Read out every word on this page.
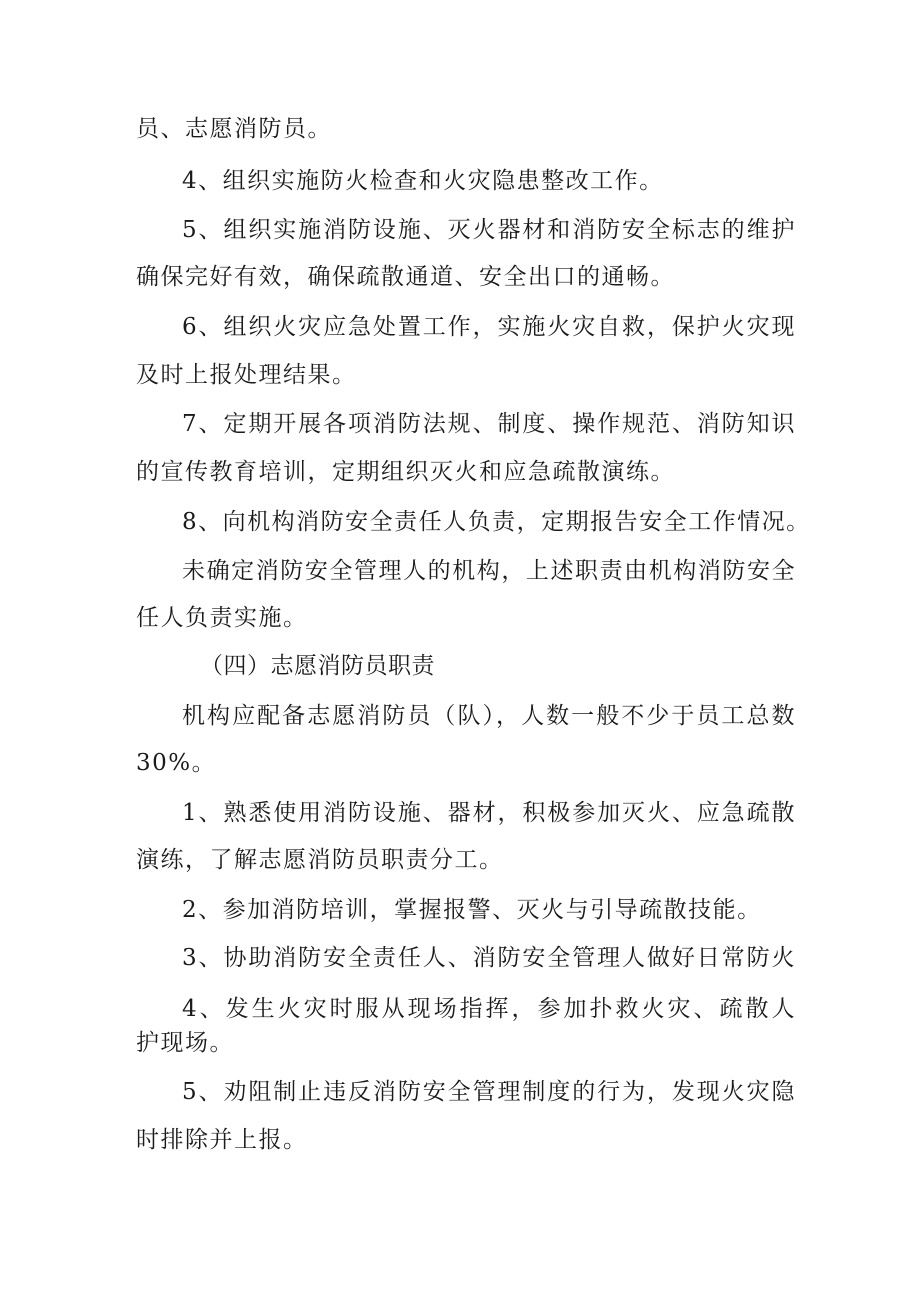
员、志愿消防员。
4、组织实施防火检查和火灾隐患整改工作。
5、组织实施消防设施、灭火器材和消防安全标志的维护
确保完好有效，确保疏散通道、安全出口的通畅。
6、组织火灾应急处置工作，实施火灾自救，保护火灾现
及时上报处理结果。
7、定期开展各项消防法规、制度、操作规范、消防知识
的宣传教育培训，定期组织灭火和应急疏散演练。
8、向机构消防安全责任人负责，定期报告安全工作情况。
未确定消防安全管理人的机构，上述职责由机构消防安全
任人负责实施。
（四）志愿消防员职责
机构应配备志愿消防员（队），人数一般不少于员工总数
30%。
1、熟悉使用消防设施、器材，积极参加灭火、应急疏散
演练，了解志愿消防员职责分工。
2、参加消防培训，掌握报警、灭火与引导疏散技能。
3、协助消防安全责任人、消防安全管理人做好日常防火
4、发生火灾时服从现场指挥，参加扑救火灾、疏散人
护现场。
5、劝阻制止违反消防安全管理制度的行为，发现火灾隐
时排除并上报。
